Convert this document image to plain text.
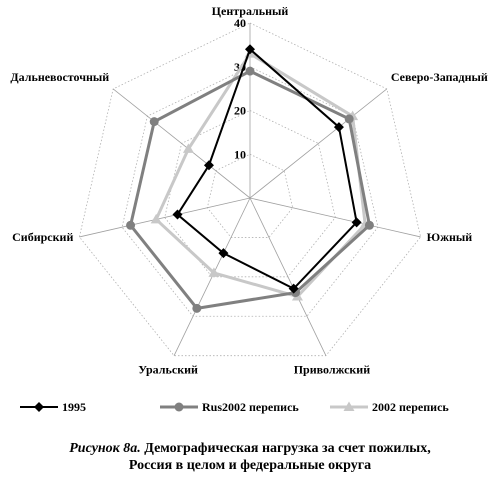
10
20
30
40
Центральный
Северо-Западный
Южный
Приволжский
Уральский
Сибирский
Дальневосточный
1995	Rus2002 перепись	2002 перепись
Рисунок 8а. Демографическая нагрузка за счет пожилых,
Россия в целом и федеральные округа
